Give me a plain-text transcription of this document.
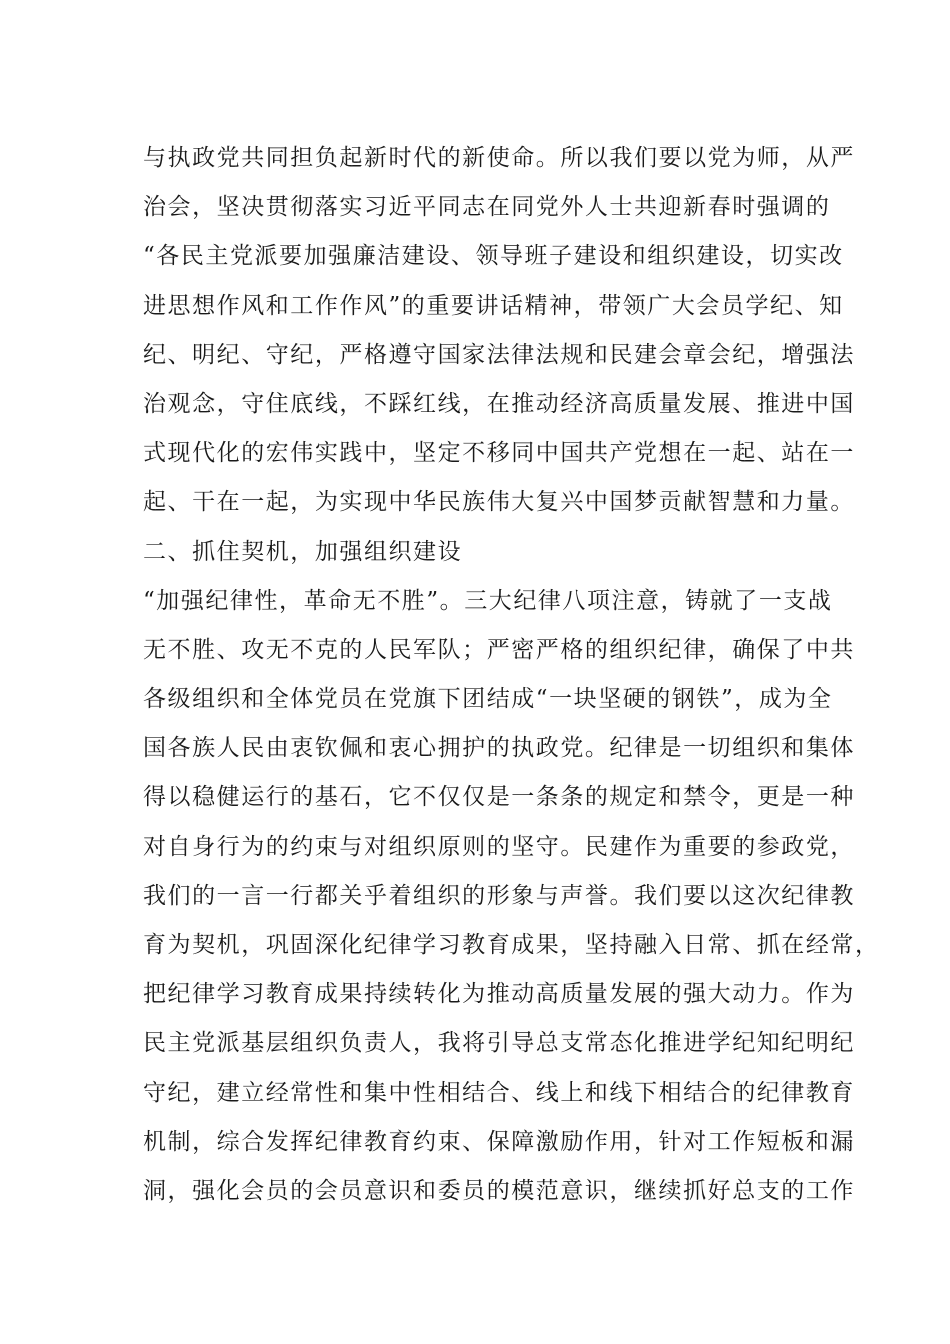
与执政党共同担负起新时代的新使命。所以我们要以党为师，从严
治会，坚决贯彻落实习近平同志在同党外人士共迎新春时强调的
“各民主党派要加强廉洁建设、领导班子建设和组织建设，切实改
进思想作风和工作作风”的重要讲话精神，带领广大会员学纪、知
纪、明纪、守纪，严格遵守国家法律法规和民建会章会纪，增强法
治观念，守住底线，不踩红线，在推动经济高质量发展、推进中国
式现代化的宏伟实践中，坚定不移同中国共产党想在一起、站在一
起、干在一起，为实现中华民族伟大复兴中国梦贡献智慧和力量。
二、抓住契机，加强组织建设
“加强纪律性，革命无不胜”。三大纪律八项注意，铸就了一支战
无不胜、攻无不克的人民军队；严密严格的组织纪律，确保了中共
各级组织和全体党员在党旗下团结成“一块坚硬的钢铁”，成为全
国各族人民由衷钦佩和衷心拥护的执政党。纪律是一切组织和集体
得以稳健运行的基石，它不仅仅是一条条的规定和禁令，更是一种
对自身行为的约束与对组织原则的坚守。民建作为重要的参政党，
我们的一言一行都关乎着组织的形象与声誉。我们要以这次纪律教
育为契机，巩固深化纪律学习教育成果，坚持融入日常、抓在经常，
把纪律学习教育成果持续转化为推动高质量发展的强大动力。作为
民主党派基层组织负责人，我将引导总支常态化推进学纪知纪明纪
守纪，建立经常性和集中性相结合、线上和线下相结合的纪律教育
机制，综合发挥纪律教育约束、保障激励作用，针对工作短板和漏
洞，强化会员的会员意识和委员的模范意识，继续抓好总支的工作
